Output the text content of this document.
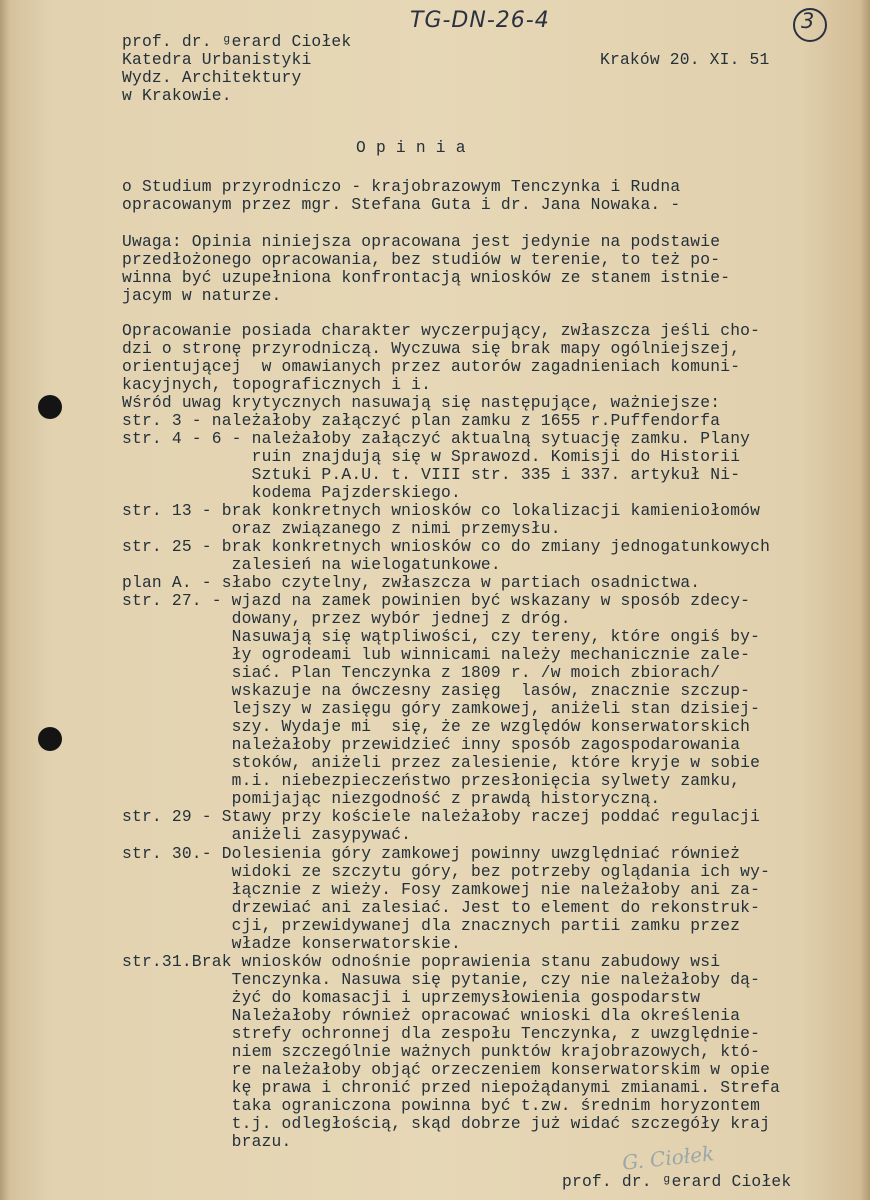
TG-DN-26-4	3
prof. dr. ᵍerard Ciołek
Katedra Urbanistyki
Wydz. Architektury
w Krakowie.
Kraków 20. XI. 51
O p i n i a
o Studium przyrodniczo - krajobrazowym Tenczynka i Rudna
opracowanym przez mgr. Stefana Guta i dr. Jana Nowaka. -
Uwaga: Opinia niniejsza opracowana jest jedynie na podstawie
przedłożonego opracowania, bez studiów w terenie, to też po-
winna być uzupełniona konfrontacją wniosków ze stanem istnie-
jacym w naturze.
Opracowanie posiada charakter wyczerpujący, zwłaszcza jeśli cho-
dzi o stronę przyrodniczą. Wyczuwa się brak mapy ogólniejszej,
orientującej  w omawianych przez autorów zagadnieniach komuni-
kacyjnych, topograficznych i i.
Wśród uwag krytycznych nasuwają się następujące, ważniejsze:
str. 3 - należałoby załączyć plan zamku z 1655 r.Puffendorfa
str. 4 - 6 - należałoby załączyć aktualną sytuację zamku. Plany
ruin znajdują się w Sprawozd. Komisji do Historii
Sztuki P.A.U. t. VIII str. 335 i 337. artykuł Ni-
kodema Pajzderskiego.
str. 13 - brak konkretnych wniosków co lokalizacji kamieniołomów
oraz związanego z nimi przemysłu.
str. 25 - brak konkretnych wniosków co do zmiany jednogatunkowych
zalesień na wielogatunkowe.
plan A. - słabo czytelny, zwłaszcza w partiach osadnictwa.
str. 27. - wjazd na zamek powinien być wskazany w sposób zdecy-
dowany, przez wybór jednej z dróg.
Nasuwają się wątpliwości, czy tereny, które ongiś by-
ły ogrodeami lub winnicami należy mechanicznie zale-
siać. Plan Tenczynka z 1809 r. /w moich zbiorach/
wskazuje na ówczesny zasięg  lasów, znacznie szczup-
lejszy w zasięgu góry zamkowej, aniżeli stan dzisiej-
szy. Wydaje mi  się, że ze względów konserwatorskich
należałoby przewidzieć inny sposób zagospodarowania
stoków, aniżeli przez zalesienie, które kryje w sobie
m.i. niebezpieczeństwo przesłonięcia sylwety zamku,
pomijając niezgodność z prawdą historyczną.
str. 29 - Stawy przy kościele należałoby raczej poddać regulacji
aniżeli zasypywać.
str. 30.- Dolesienia góry zamkowej powinny uwzględniać również
widoki ze szczytu góry, bez potrzeby oglądania ich wy-
łącznie z wieży. Fosy zamkowej nie należałoby ani za-
drzewiać ani zalesiać. Jest to element do rekonstruk-
cji, przewidywanej dla znacznych partii zamku przez
władze konserwatorskie.
str.31.Brak wniosków odnośnie poprawienia stanu zabudowy wsi
Tenczynka. Nasuwa się pytanie, czy nie należałoby dą-
żyć do komasacji i uprzemysłowienia gospodarstw
Należałoby również opracować wnioski dla określenia
strefy ochronnej dla zespołu Tenczynka, z uwzględnie-
niem szczególnie ważnych punktów krajobrazowych, któ-
re należałoby objąć orzeczeniem konserwatorskim w opie
kę prawa i chronić przed niepożądanymi zmianami. Strefa
taka ograniczona powinna być t.zw. średnim horyzontem
t.j. odległością, skąd dobrze już widać szczegóły kraj
brazu.	G. Ciołek
prof. dr. ᵍerard Ciołek
